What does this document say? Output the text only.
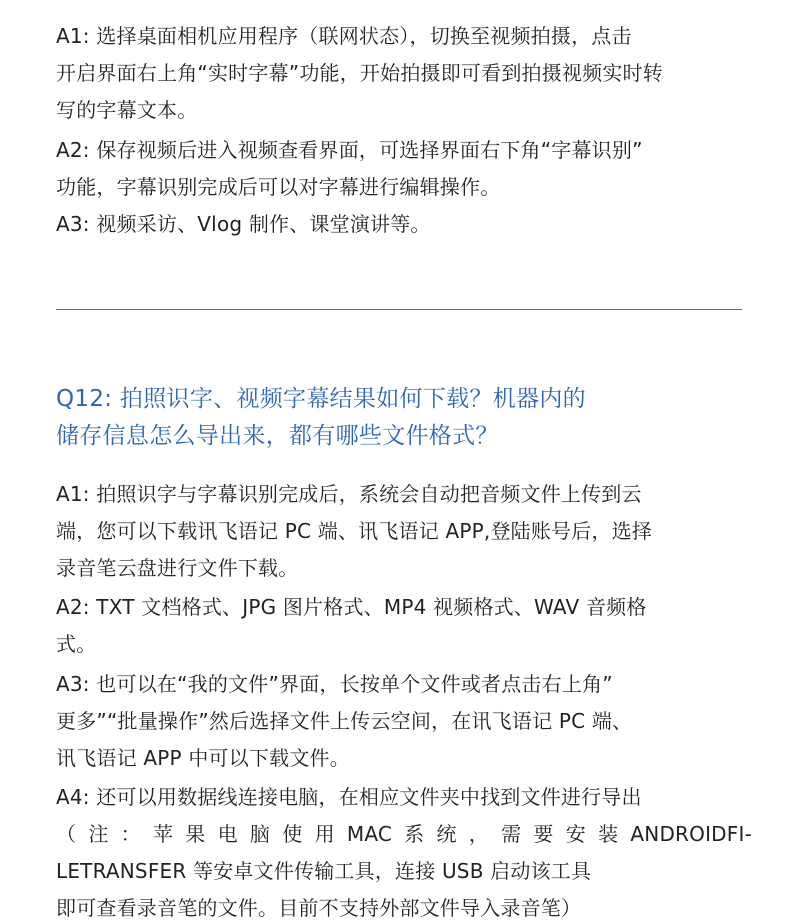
A1: 选择桌面相机应用程序（联网状态），切换至视频拍摄，点击
开启界面右上角“实时字幕”功能，开始拍摄即可看到拍摄视频实时转
写的字幕文本。
A2: 保存视频后进入视频查看界面，可选择界面右下角“字幕识别”
功能，字幕识别完成后可以对字幕进行编辑操作。
A3: 视频采访、Vlog 制作、课堂演讲等。
Q12: 拍照识字、视频字幕结果如何下载？机器内的
储存信息怎么导出来，都有哪些文件格式？
A1: 拍照识字与字幕识别完成后，系统会自动把音频文件上传到云
端，您可以下载讯飞语记 PC 端、讯飞语记 APP,登陆账号后，选择
录音笔云盘进行文件下载。
A2: TXT 文档格式、JPG 图片格式、MP4 视频格式、WAV 音频格
式。
A3: 也可以在“我的文件”界面，长按单个文件或者点击右上角”
更多”“批量操作”然后选择文件上传云空间，在讯飞语记 PC 端、
讯飞语记 APP 中可以下载文件。
A4: 还可以用数据线连接电脑，在相应文件夹中找到文件进行导出
（注：苹果电脑使用MAC系统，需要安装ANDROIDFI-
LETRANSFER 等安卓文件传输工具，连接 USB 启动该工具
即可查看录音笔的文件。目前不支持外部文件导入录音笔）
